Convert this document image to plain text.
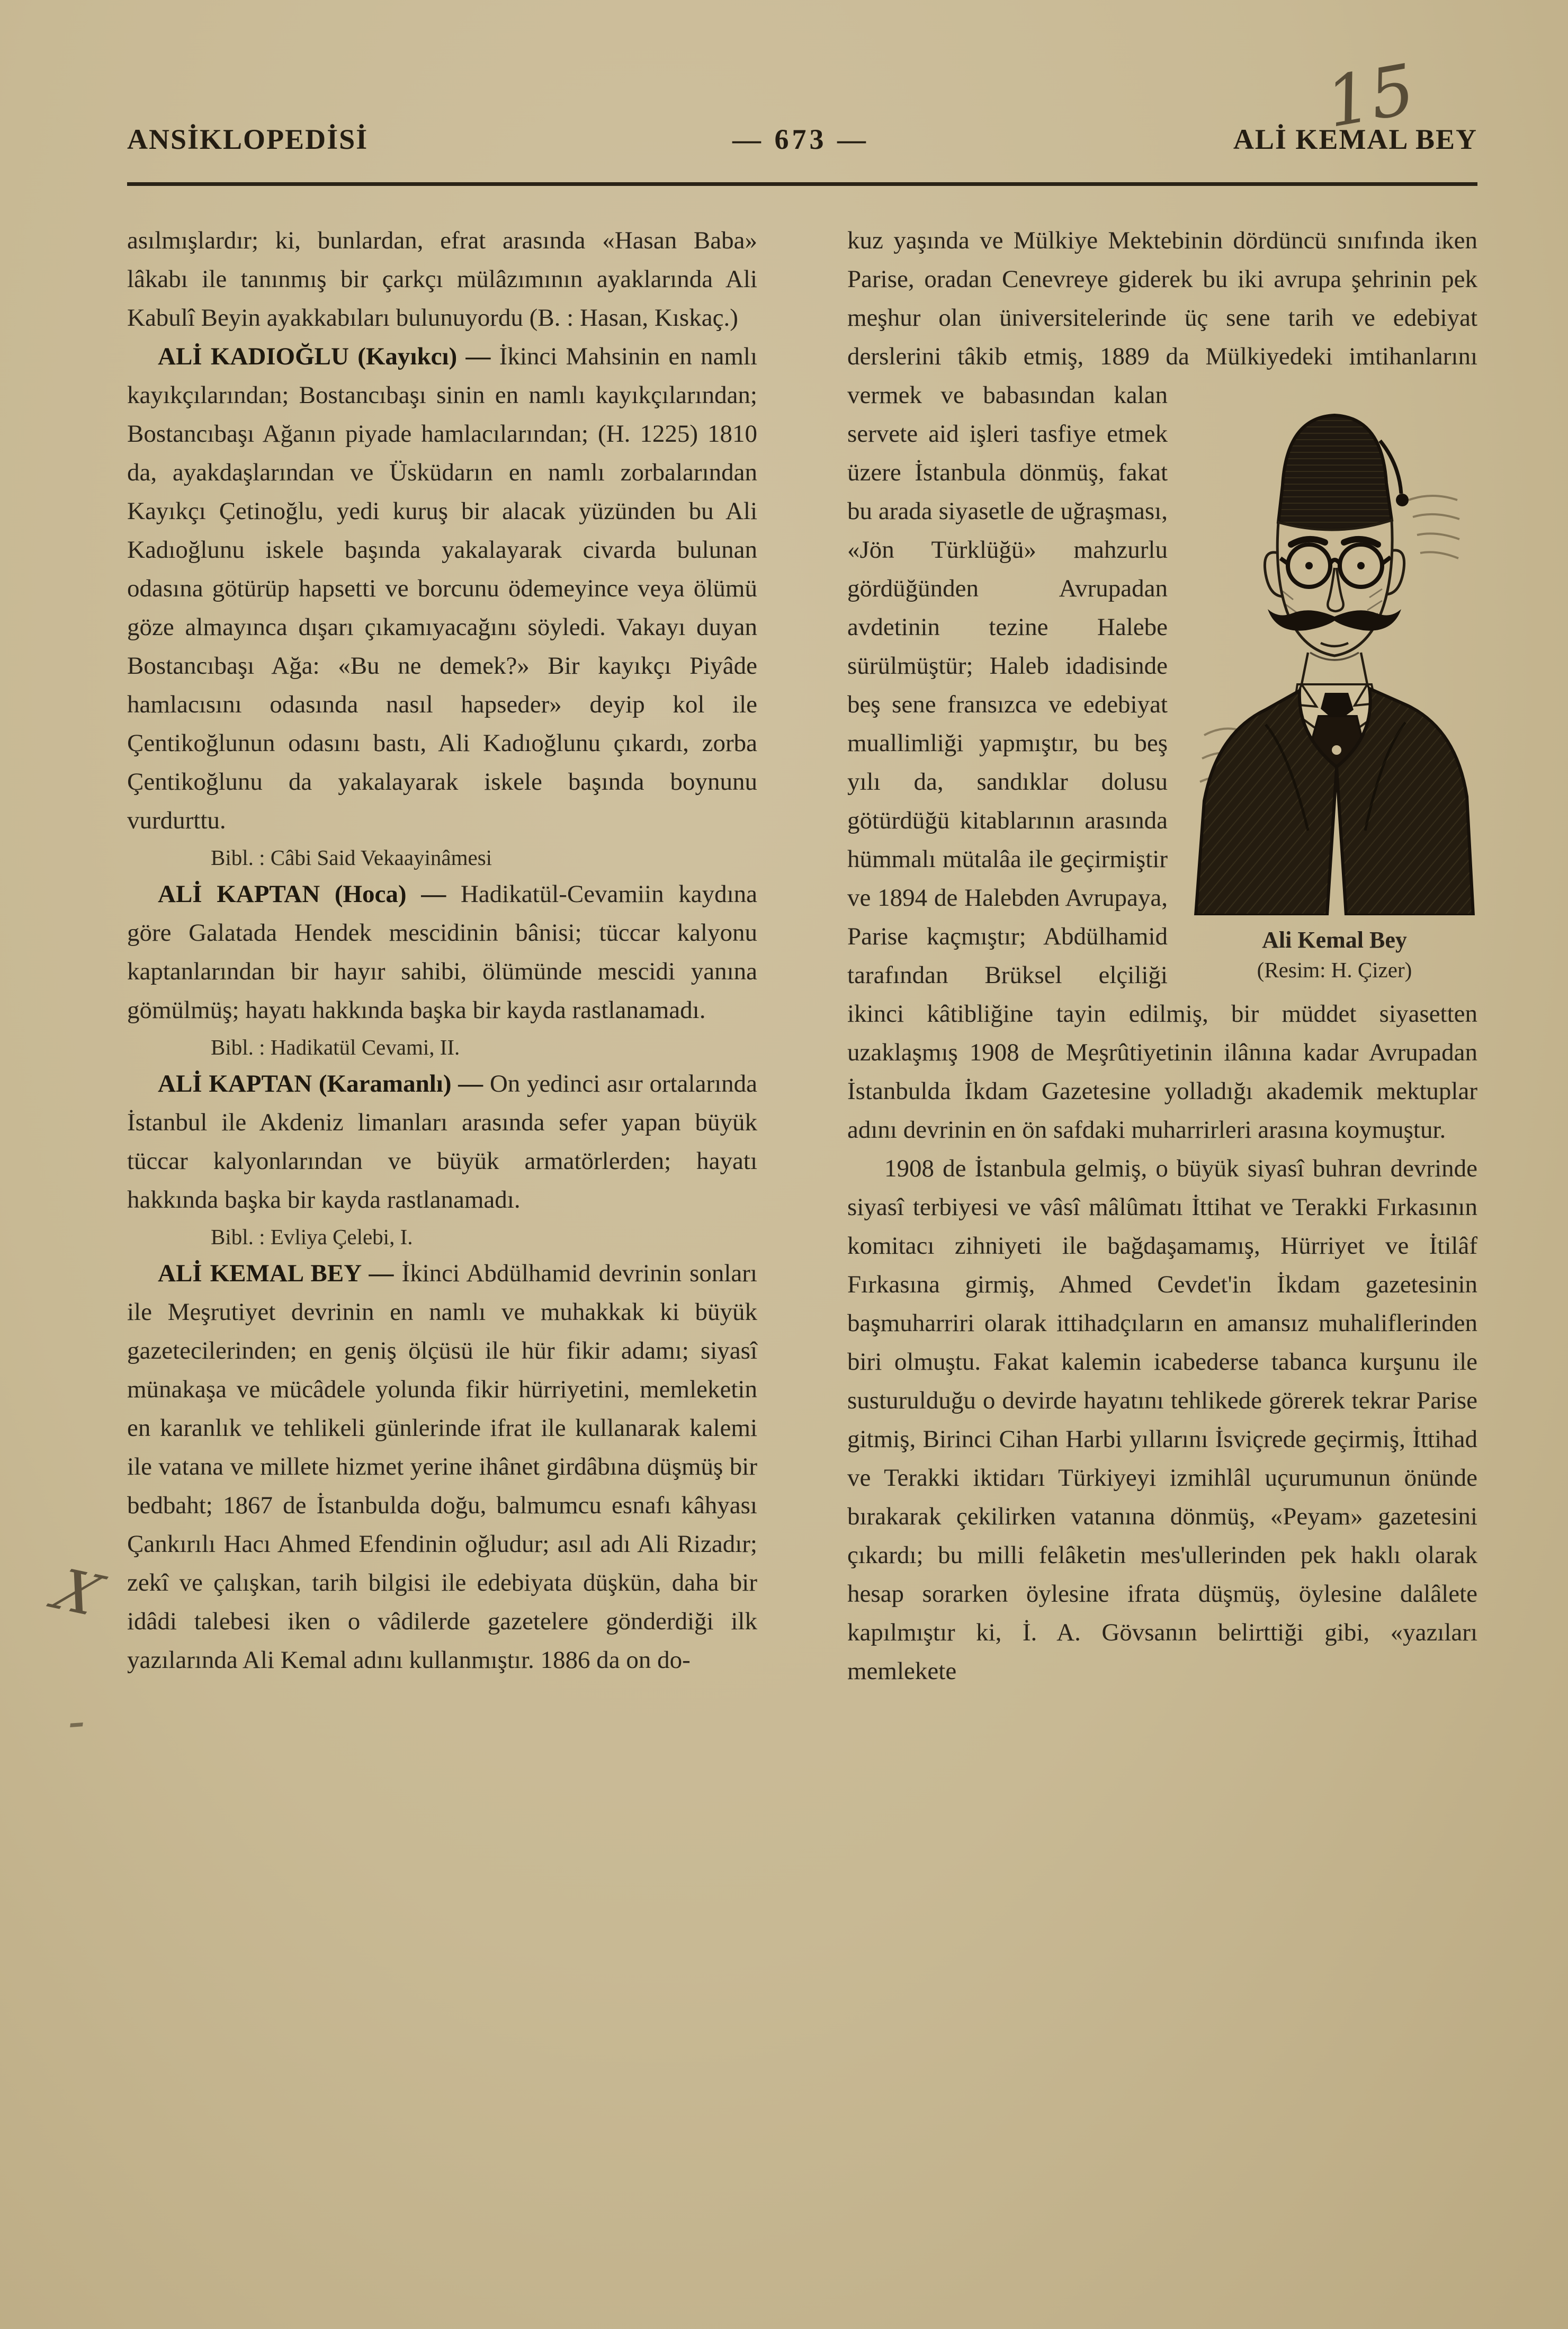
ANSİKLOPEDİSİ	— 673 —	ALİ KEMAL BEY
15
X
-

asılmışlardır; ki, bunlardan, efrat arasında «Hasan Baba» lâkabı ile tanınmış bir çarkçı mülâzımının ayaklarında Ali Kabulî Beyin ayakkabıları bulunuyordu (B. : Hasan, Kıskaç.)

ALİ KADIOĞLU (Kayıkcı) — İkinci Mahsinin en namlı kayıkçılarından; Bostancıbaşı sinin en namlı kayıkçılarından; Bostancıbaşı Ağanın piyade hamlacılarından; (H. 1225) 1810 da, ayakdaşlarından ve Üsküdarın en namlı zorbalarından Kayıkçı Çetinoğlu, yedi kuruş bir alacak yüzünden bu Ali Kadıoğlunu iskele başında yakalayarak civarda bulunan odasına götürüp hapsetti ve borcunu ödemeyince veya ölümü göze almayınca dışarı çıkamıyacağını söyledi. Vakayı duyan Bostancıbaşı Ağa: «Bu ne demek?» Bir kayıkçı Piyâde hamlacısını odasında nasıl hapseder» deyip kol ile Çentikoğlunun odasını bastı, Ali Kadıoğlunu çıkardı, zorba Çentikoğlunu da yakalayarak iskele başında boynunu vurdurttu.

Bibl. : Câbi Said Vekaayinâmesi

ALİ KAPTAN (Hoca) — Hadikatül-Cevamiin kaydına göre Galatada Hendek mescidinin bânisi; tüccar kalyonu kaptanlarından bir hayır sahibi, ölümünde mescidi yanına gömülmüş; hayatı hakkında başka bir kayda rastlanamadı.

Bibl. : Hadikatül Cevami, II.

ALİ KAPTAN (Karamanlı) — On yedinci asır ortalarında İstanbul ile Akdeniz limanları arasında sefer yapan büyük tüccar kalyonlarından ve büyük armatörlerden; hayatı hakkında başka bir kayda rastlanamadı.

Bibl. : Evliya Çelebi, I.

ALİ KEMAL BEY — İkinci Abdülhamid devrinin sonları ile Meşrutiyet devrinin en namlı ve muhakkak ki büyük gazetecilerinden; en geniş ölçüsü ile hür fikir adamı; siyasî münakaşa ve mücâdele yolunda fikir hürriyetini, memleketin en karanlık ve tehlikeli günlerinde ifrat ile kullanarak kalemi ile vatana ve millete hizmet yerine ihânet girdâbına düşmüş bir bedbaht; 1867 de İstanbulda doğu, balmumcu esnafı kâhyası Çankırılı Hacı Ahmed Efendinin oğludur; asıl adı Ali Rizadır; zekî ve çalışkan, tarih bilgisi ile edebiyata düşkün, daha bir idâdi talebesi iken o vâdilerde gazetelere gönderdiği ilk yazılarında Ali Kemal adını kullanmıştır. 1886 da on do-

kuz yaşında ve Mülkiye Mektebinin dördüncü sınıfında iken Parise, oradan Cenevreye giderek bu iki avrupa şehrinin pek meşhur olan üniversitelerinde üç sene tarih ve edebiyat derslerini tâkib etmiş, 1889 da Mülkiyedeki
Ali Kemal Bey
(Resim: H. Çizer)
imtihanlarını vermek ve babasından kalan servete aid işleri tasfiye etmek üzere İstanbula dönmüş, fakat bu arada siyasetle de uğraşması, «Jön Türklüğü» mahzurlu gördüğünden Avrupadan avdetinin tezine Halebe sürülmüştür; Haleb idadisinde beş sene fransızca ve edebiyat muallimliği yapmıştır, bu beş yılı da, sandıklar dolusu götürdüğü kitablarının arasında hümmalı mütalâa ile geçirmiştir ve 1894 de Halebden Avrupaya, Parise kaçmıştır; Abdülhamid tarafından Brüksel elçiliği ikinci kâtibliğine tayin edilmiş, bir müddet siyasetten uzaklaşmış 1908 de Meşrûtiyetinin ilânına kadar Avrupadan İstanbulda İkdam Gazetesine yolladığı akademik mektuplar adını devrinin en ön safdaki muharrirleri arasına koymuştur.

1908 de İstanbula gelmiş, o büyük siyasî buhran devrinde siyasî terbiyesi ve vâsî mâlûmatı İttihat ve Terakki Fırkasının komitacı zihniyeti ile bağdaşamamış, Hürriyet ve İtilâf Fırkasına girmiş, Ahmed Cevdet'in İkdam gazetesinin başmuharriri olarak ittihadçıların en amansız muhaliflerinden biri olmuştu. Fakat kalemin icabederse tabanca kurşunu ile susturulduğu o devirde hayatını tehlikede görerek tekrar Parise gitmiş, Birinci Cihan Harbi yıllarını İsviçrede geçirmiş, İttihad ve Terakki iktidarı Türkiyeyi izmihlâl uçurumunun önünde bırakarak çekilirken vatanına dönmüş, «Peyam» gazetesini çıkardı; bu milli felâketin mes'ullerinden pek haklı olarak hesap sorarken öylesine ifrata düşmüş, öylesine dalâlete kapılmıştır ki, İ. A. Gövsanın belirttiği gibi, «yazıları memlekete
